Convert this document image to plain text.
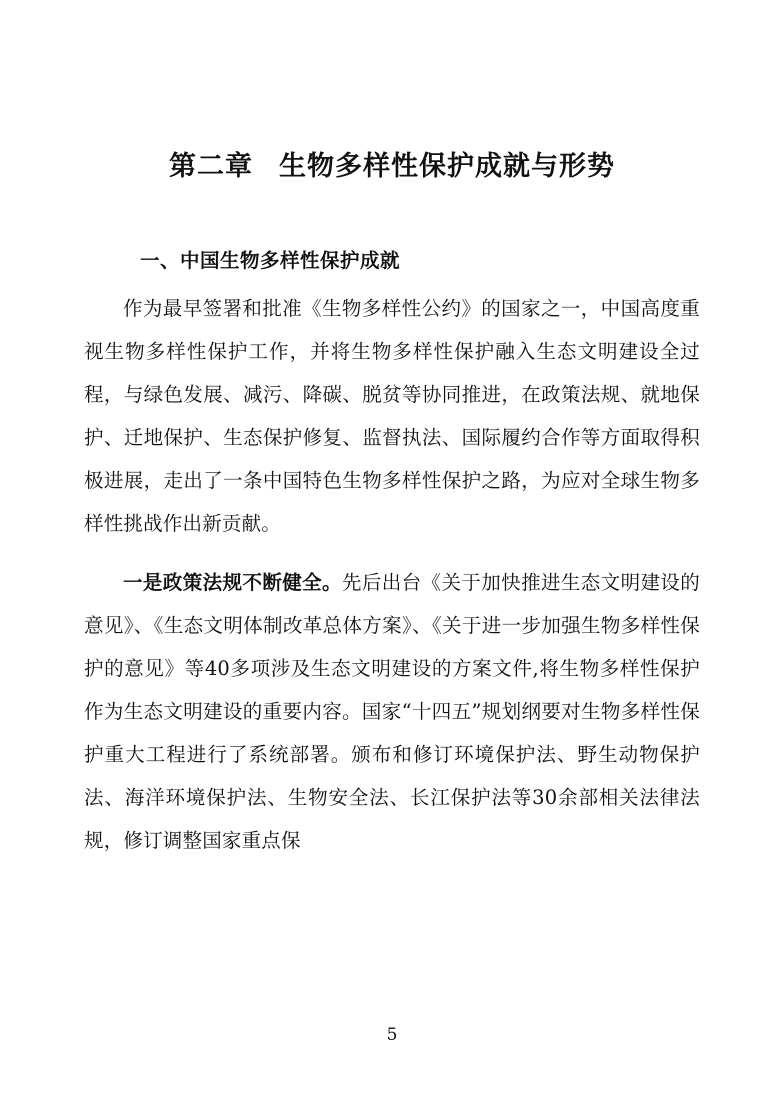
第二章 生物多样性保护成就与形势
一、中国生物多样性保护成就

作为最早签署和批准《生物多样性公约》的国家之一，中国高度重视生物多样性保护工作，并将生物多样性保护融入生态文明建设全过程，与绿色发展、减污、降碳、脱贫等协同推进，在政策法规、就地保护、迁地保护、生态保护修复、监督执法、国际履约合作等方面取得积极进展，走出了一条中国特色生物多样性保护之路，为应对全球生物多样性挑战作出新贡献。

一是政策法规不断健全。先后出台《关于加快推进生态文明建设的意见》、《生态文明体制改革总体方案》、《关于进一步加强生物多样性保护的意见》等40多项涉及生态文明建设的方案文件,将生物多样性保护作为生态文明建设的重要内容。国家“十四五”规划纲要对生物多样性保护重大工程进行了系统部署。颁布和修订环境保护法、野生动物保护法、海洋环境保护法、生物安全法、长江保护法等30余部相关法律法规，修订调整国家重点保

5
